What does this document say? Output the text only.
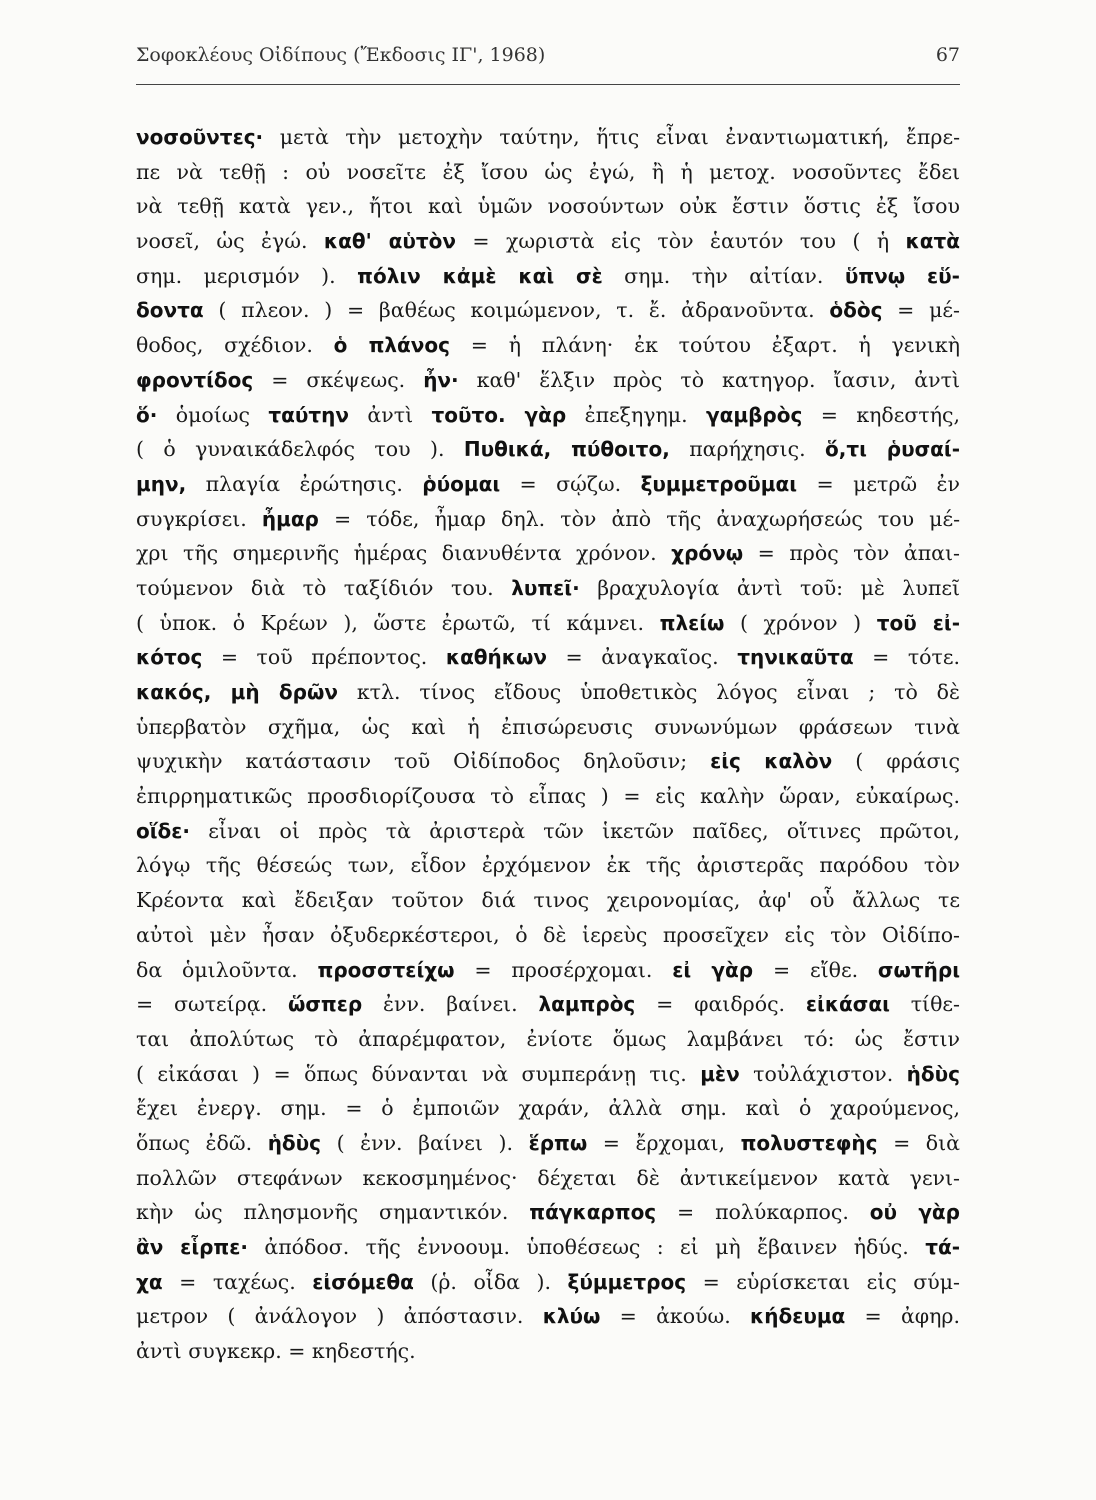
Σοφοκλέους Οἰδίπους (Ἔκδοσις ΙΓ', 1968)	67
νοσοῦντες· μετὰ τὴν μετοχὴν ταύτην, ἥτις εἶναι ἐναντιωματική, ἔπρε-
πε νὰ τεθῇ : οὐ νοσεῖτε ἐξ ἴσου ὡς ἐγώ, ἢ ἡ μετοχ. νοσοῦντες ἔδει
νὰ τεθῇ κατὰ γεν., ἤτοι καὶ ὑμῶν νοσούντων οὐκ ἔστιν ὅστις ἐξ ἴσου
νοσεῖ, ὡς ἐγώ. καθ' αὑτὸν = χωριστὰ εἰς τὸν ἑαυτόν του ( ἡ κατὰ
σημ. μερισμόν ). πόλιν κἀμὲ καὶ σὲ σημ. τὴν αἰτίαν. ὕπνῳ εὕ-
δοντα ( πλεον. ) = βαθέως κοιμώμενον, τ. ἔ. ἀδρανοῦντα. ὁδὸς = μέ-
θοδος, σχέδιον. ὁ πλάνος = ἡ πλάνη· ἐκ τούτου ἐξαρτ. ἡ γενικὴ
φροντίδος = σκέψεως. ἦν· καθ' ἕλξιν πρὸς τὸ κατηγορ. ἴασιν, ἀντὶ
ὅ· ὁμοίως ταύτην ἀντὶ τοῦτο. γὰρ ἐπεξηγημ. γαμβρὸς = κηδεστής,
( ὁ γυναικάδελφός του ). Πυθικά, πύθοιτο, παρήχησις. ὅ,τι ῥυσαί-
μην, πλαγία ἐρώτησις. ῥύομαι = σῴζω. ξυμμετροῦμαι = μετρῶ ἐν
συγκρίσει. ἦμαρ = τόδε, ἦμαρ δηλ. τὸν ἀπὸ τῆς ἀναχωρήσεώς του μέ-
χρι τῆς σημερινῆς ἡμέρας διανυθέντα χρόνον. χρόνῳ = πρὸς τὸν ἀπαι-
τούμενον διὰ τὸ ταξίδιόν του. λυπεῖ· βραχυλογία ἀντὶ τοῦ: μὲ λυπεῖ
( ὑποκ. ὁ Κρέων ), ὥστε ἐρωτῶ, τί κάμνει. πλείω ( χρόνον ) τοῦ εἰ-
κότος = τοῦ πρέποντος. καθήκων = ἀναγκαῖος. τηνικαῦτα = τότε.
κακός, μὴ δρῶν κτλ. τίνος εἴδους ὑποθετικὸς λόγος εἶναι ; τὸ δὲ
ὑπερβατὸν σχῆμα, ὡς καὶ ἡ ἐπισώρευσις συνωνύμων φράσεων τινὰ
ψυχικὴν κατάστασιν τοῦ Οἰδίποδος δηλοῦσιν; εἰς καλὸν ( φράσις
ἐπιρρηματικῶς προσδιορίζουσα τὸ εἶπας ) = εἰς καλὴν ὥραν, εὐκαίρως.
οἵδε· εἶναι οἱ πρὸς τὰ ἀριστερὰ τῶν ἱκετῶν παῖδες, οἵτινες πρῶτοι,
λόγῳ τῆς θέσεώς των, εἶδον ἐρχόμενον ἐκ τῆς ἀριστερᾶς παρόδου τὸν
Κρέοντα καὶ ἔδειξαν τοῦτον διά τινος χειρονομίας, ἀφ' οὗ ἄλλως τε
αὐτοὶ μὲν ἦσαν ὀξυδερκέστεροι, ὁ δὲ ἱερεὺς προσεῖχεν εἰς τὸν Οἰδίπο-
δα ὁμιλοῦντα. προσστείχω = προσέρχομαι. εἰ γὰρ = εἴθε. σωτῆρι
= σωτείρᾳ. ὥσπερ ἐνν. βαίνει. λαμπρὸς = φαιδρός. εἰκάσαι τίθε-
ται ἀπολύτως τὸ ἀπαρέμφατον, ἐνίοτε ὅμως λαμβάνει τό: ὡς ἔστιν
( εἰκάσαι ) = ὅπως δύνανται νὰ συμπεράνῃ τις. μὲν τοὐλάχιστον. ἡδὺς
ἔχει ἐνεργ. σημ. = ὁ ἐμποιῶν χαράν, ἀλλὰ σημ. καὶ ὁ χαρούμενος,
ὅπως ἐδῶ. ἡδὺς ( ἐνν. βαίνει ). ἕρπω = ἔρχομαι, πολυστεφὴς = διὰ
πολλῶν στεφάνων κεκοσμημένος· δέχεται δὲ ἀντικείμενον κατὰ γενι-
κὴν ὡς πλησμονῆς σημαντικόν. πάγκαρπος = πολύκαρπος. οὐ γὰρ
ἂν εἷρπε· ἀπόδοσ. τῆς ἐννοουμ. ὑποθέσεως : εἰ μὴ ἔβαινεν ἡδύς. τά-
χα = ταχέως. εἰσόμεθα (ῥ. οἶδα ). ξύμμετρος = εὑρίσκεται εἰς σύμ-
μετρον ( ἀνάλογον ) ἀπόστασιν. κλύω = ἀκούω. κήδευμα = ἀφηρ.
ἀντὶ συγκεκρ. = κηδεστής.
